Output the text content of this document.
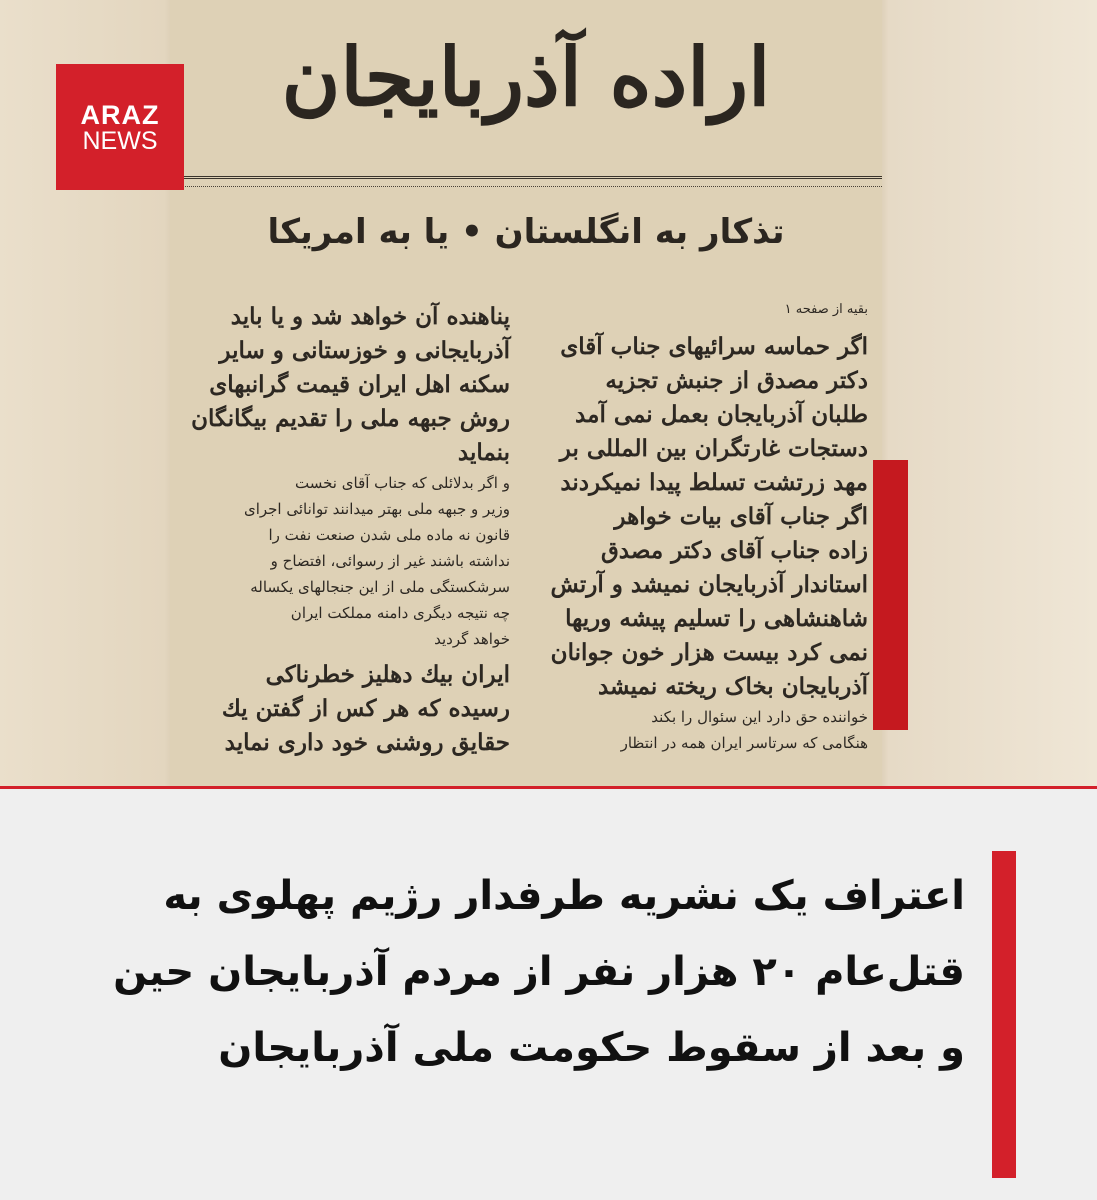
اراده آذربایجان
تذکار به انگلستان • یا به امریکا
بقیه از صفحه ۱
اگر حماسه سرائیهای جناب آقای
دکتر مصدق از جنبش تجزیه
طلبان آذربایجان بعمل نمی آمد
دستجات غارتگران بین المللی بر
مهد زرتشت تسلط پیدا نمیکردند
اگر جناب آقای بیات خواهر
زاده جناب آقای دکتر مصدق
استاندار آذربایجان نمیشد و آرتش
شاهنشاهی را تسلیم پیشه وریها
نمی کرد بیست هزار خون جوانان
آذربایجان بخاک ریخته نمیشد
خواننده حق دارد این سئوال را بکند
هنگامی که سرتاسر ایران همه در انتظار
پناهنده آن خواهد شد و یا باید
آذربایجانی و خوزستانی و سایر
سکنه اهل ایران قیمت گرانبهای
روش جبهه ملی را تقدیم بیگانگان
بنماید
و اگر بدلائلی که جناب آقای نخست
وزیر و جبهه ملی بهتر میدانند توانائی اجرای
قانون نه ماده ملی شدن صنعت نفت را
نداشته باشند غیر از رسوائی، افتضاح و
سرشکستگی ملی از این جنجالهای یکساله
چه نتیجه دیگری دامنه مملکت ایران
خواهد گردید
ایران بیك دهلیز خطرناکی
رسیده که هر کس از گفتن یك
حقایق روشنی خود داری نماید
ARAZ
NEWS
اعتراف یک نشریه طرفدار رژیم پهلوی به
قتل‌عام ۲۰ هزار نفر از مردم آذربایجان حین
و بعد از سقوط حکومت ملی آذربایجان
